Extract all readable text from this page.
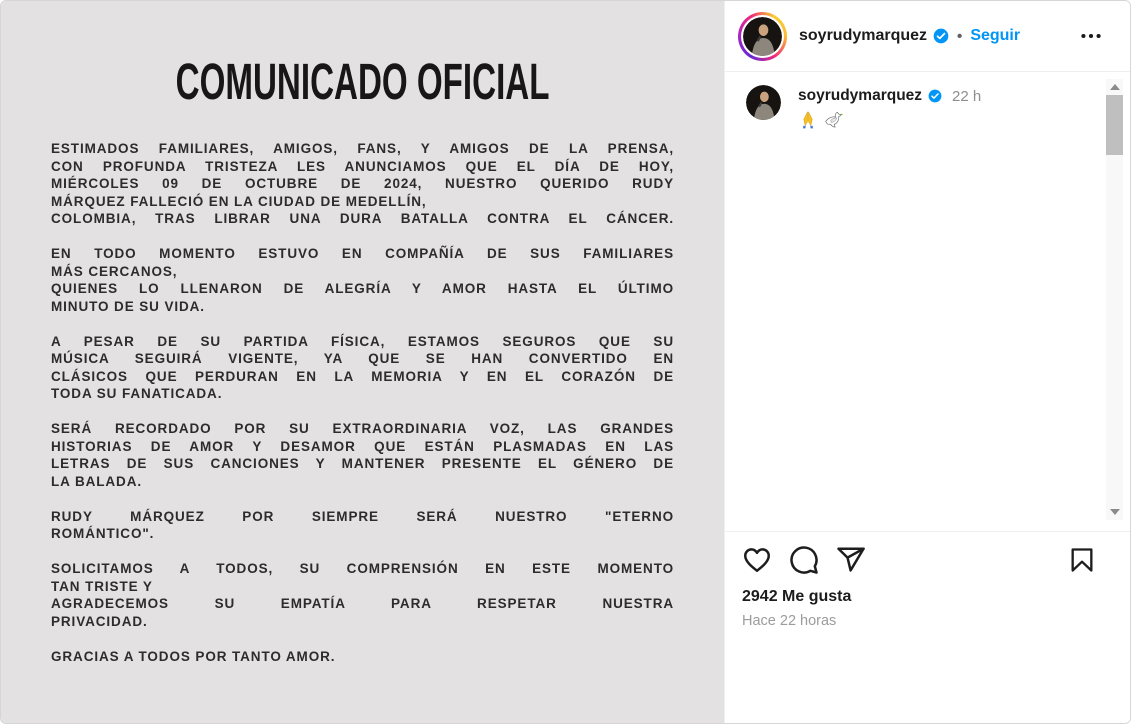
COMUNICADO OFICIAL
ESTIMADOS FAMILIARES, AMIGOS, FANS, Y AMIGOS DE LA PRENSA,
CON PROFUNDA TRISTEZA LES ANUNCIAMOS QUE EL DÍA DE HOY,
MIÉRCOLES 09 DE OCTUBRE DE 2024, NUESTRO QUERIDO RUDY
MÁRQUEZ FALLECIÓ EN LA CIUDAD DE MEDELLÍN,
COLOMBIA, TRAS LIBRAR UNA DURA BATALLA CONTRA EL CÁNCER.
EN TODO MOMENTO ESTUVO EN COMPAÑÍA DE SUS FAMILIARES
MÁS CERCANOS,
QUIENES LO LLENARON DE ALEGRÍA Y AMOR HASTA EL ÚLTIMO
MINUTO DE SU VIDA.
A PESAR DE SU PARTIDA FÍSICA, ESTAMOS SEGUROS QUE SU
MÚSICA SEGUIRÁ VIGENTE, YA QUE SE HAN CONVERTIDO EN
CLÁSICOS QUE PERDURAN EN LA MEMORIA Y EN EL CORAZÓN DE
TODA SU FANATICADA.
SERÁ RECORDADO POR SU EXTRAORDINARIA VOZ, LAS GRANDES
HISTORIAS DE AMOR Y DESAMOR QUE ESTÁN PLASMADAS EN LAS
LETRAS DE SUS CANCIONES Y MANTENER PRESENTE EL GÉNERO DE
LA BALADA.
RUDY MÁRQUEZ POR SIEMPRE SERÁ NUESTRO "ETERNO
ROMÁNTICO".
SOLICITAMOS A TODOS, SU COMPRENSIÓN EN ESTE MOMENTO
TAN TRISTE Y
AGRADECEMOS SU EMPATÍA PARA RESPETAR NUESTRA
PRIVACIDAD.
GRACIAS A TODOS POR TANTO AMOR.
soyrudymarquez • Seguir
soyrudymarquez 22 h
2942 Me gusta
Hace 22 horas
